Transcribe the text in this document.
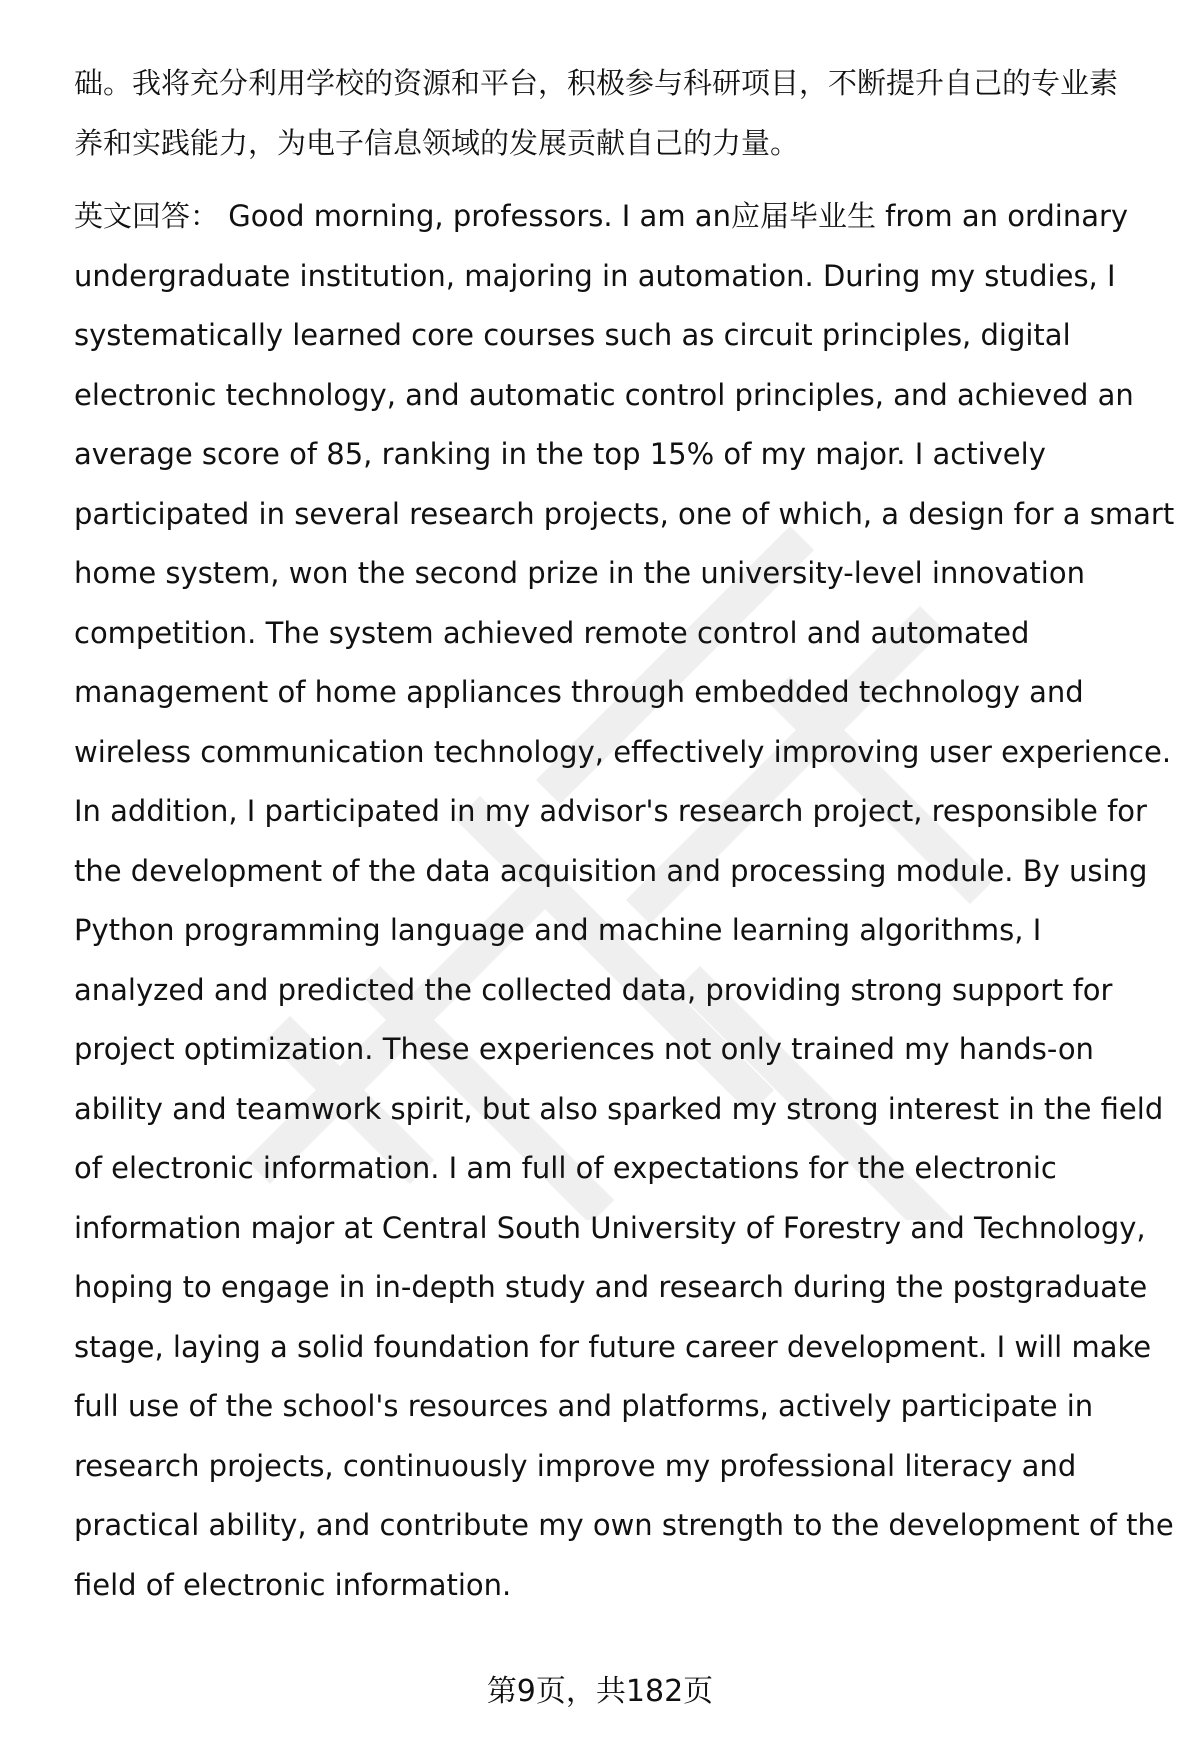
础。我将充分利用学校的资源和平台，积极参与科研项目，不断提升自己的专业素
养和实践能力，为电子信息领域的发展贡献自己的力量。

英文回答： Good morning, professors. I am an应届毕业生 from an ordinary
undergraduate institution, majoring in automation. During my studies, I
systematically learned core courses such as circuit principles, digital
electronic technology, and automatic control principles, and achieved an
average score of 85, ranking in the top 15% of my major. I actively
participated in several research projects, one of which, a design for a smart
home system, won the second prize in the university-level innovation
competition. The system achieved remote control and automated
management of home appliances through embedded technology and
wireless communication technology, effectively improving user experience.
In addition, I participated in my advisor's research project, responsible for
the development of the data acquisition and processing module. By using
Python programming language and machine learning algorithms, I
analyzed and predicted the collected data, providing strong support for
project optimization. These experiences not only trained my hands-on
ability and teamwork spirit, but also sparked my strong interest in the field
of electronic information. I am full of expectations for the electronic
information major at Central South University of Forestry and Technology,
hoping to engage in in-depth study and research during the postgraduate
stage, laying a solid foundation for future career development. I will make
full use of the school's resources and platforms, actively participate in
research projects, continuously improve my professional literacy and
practical ability, and contribute my own strength to the development of the
field of electronic information.

第9页，共182页
